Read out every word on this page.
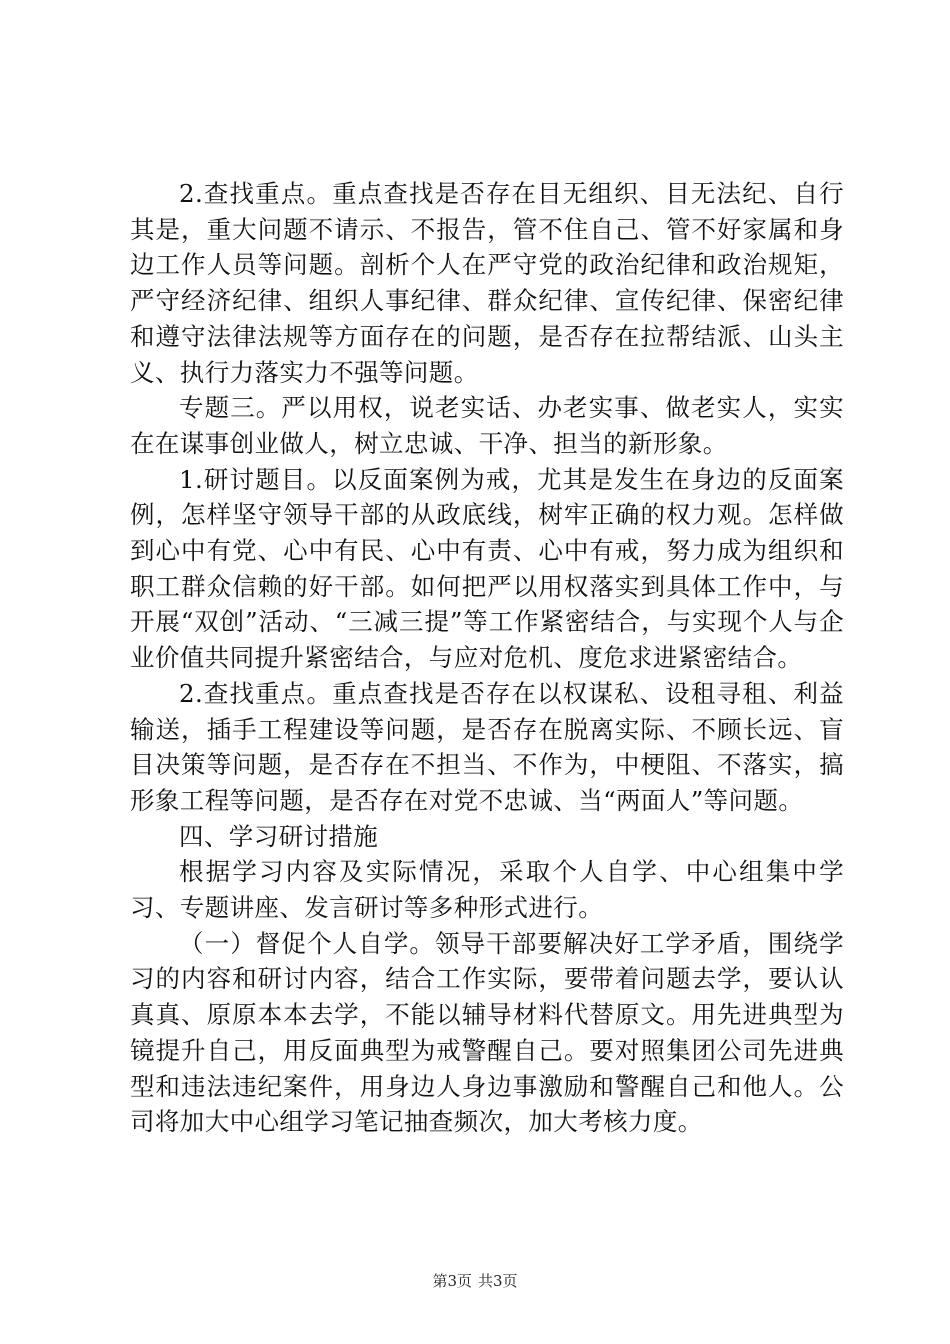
2.查找重点。重点查找是否存在目无组织、目无法纪、自行其是，重大问题不请示、不报告，管不住自己、管不好家属和身边工作人员等问题。剖析个人在严守党的政治纪律和政治规矩，严守经济纪律、组织人事纪律、群众纪律、宣传纪律、保密纪律和遵守法律法规等方面存在的问题，是否存在拉帮结派、山头主义、执行力落实力不强等问题。

专题三。严以用权，说老实话、办老实事、做老实人，实实在在谋事创业做人，树立忠诚、干净、担当的新形象。

1.研讨题目。以反面案例为戒，尤其是发生在身边的反面案例，怎样坚守领导干部的从政底线，树牢正确的权力观。怎样做到心中有党、心中有民、心中有责、心中有戒，努力成为组织和职工群众信赖的好干部。如何把严以用权落实到具体工作中，与开展“双创”活动、“三减三提”等工作紧密结合，与实现个人与企业价值共同提升紧密结合，与应对危机、度危求进紧密结合。

2.查找重点。重点查找是否存在以权谋私、设租寻租、利益输送，插手工程建设等问题，是否存在脱离实际、不顾长远、盲目决策等问题，是否存在不担当、不作为，中梗阻、不落实，搞形象工程等问题，是否存在对党不忠诚、当“两面人”等问题。

四、学习研讨措施

根据学习内容及实际情况，采取个人自学、中心组集中学习、专题讲座、发言研讨等多种形式进行。

（一）督促个人自学。领导干部要解决好工学矛盾，围绕学习的内容和研讨内容，结合工作实际，要带着问题去学，要认认真真、原原本本去学，不能以辅导材料代替原文。用先进典型为镜提升自己，用反面典型为戒警醒自己。要对照集团公司先进典型和违法违纪案件，用身边人身边事激励和警醒自己和他人。公司将加大中心组学习笔记抽查频次，加大考核力度。

第3页 共3页
